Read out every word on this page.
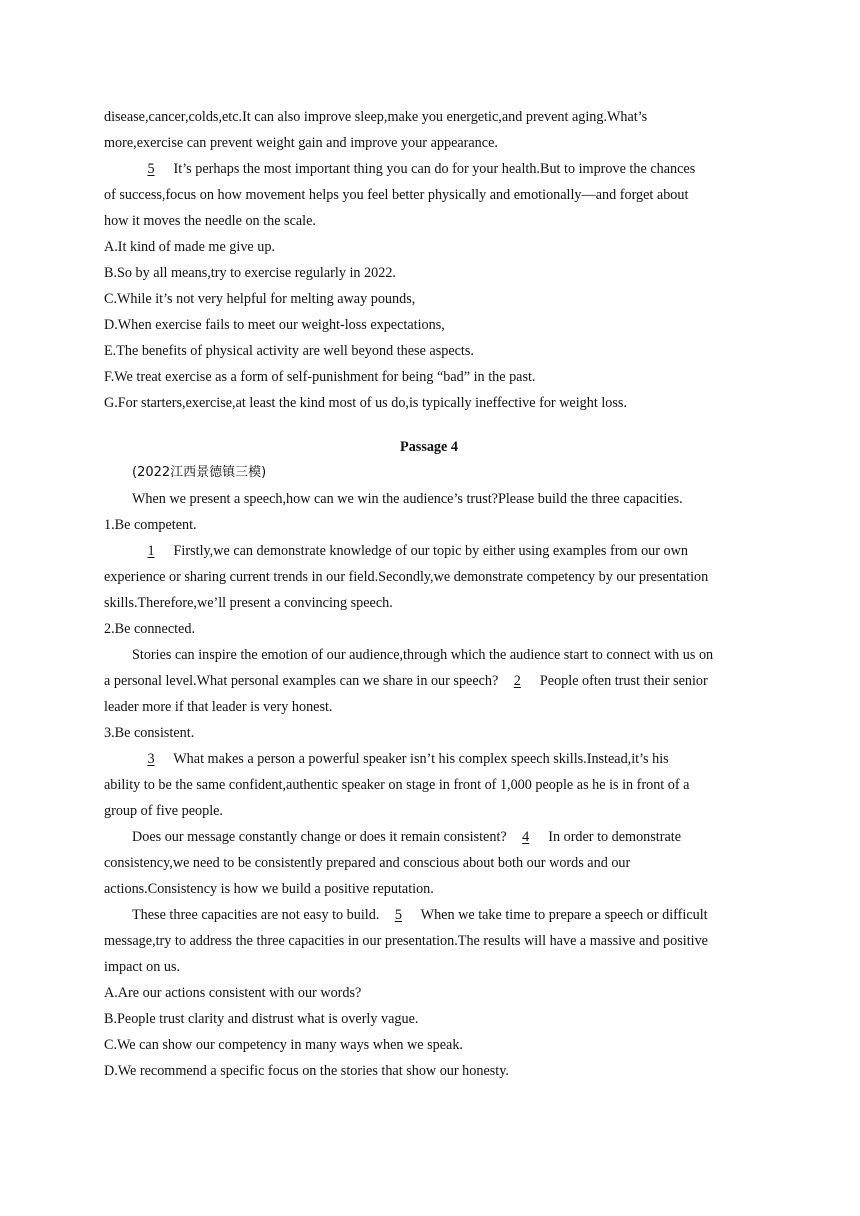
disease,cancer,colds,etc.It can also improve sleep,make you energetic,and prevent aging.What’s
more,exercise can prevent weight gain and improve your appearance.
5 It’s perhaps the most important thing you can do for your health.But to improve the chances
of success,focus on how movement helps you feel better physically and emotionally—and forget about
how it moves the needle on the scale.
A.It kind of made me give up.
B.So by all means,try to exercise regularly in 2022.
C.While it’s not very helpful for melting away pounds,
D.When exercise fails to meet our weight-loss expectations,
E.The benefits of physical activity are well beyond these aspects.
F.We treat exercise as a form of self-punishment for being “bad” in the past.
G.For starters,exercise,at least the kind most of us do,is typically ineffective for weight loss.
Passage 4
(2022江西景德镇三模)
When we present a speech,how can we win the audience’s trust?Please build the three capacities.
1.Be competent.
1 Firstly,we can demonstrate knowledge of our topic by either using examples from our own
experience or sharing current trends in our field.Secondly,we demonstrate competency by our presentation
skills.Therefore,we’ll present a convincing speech.
2.Be connected.
Stories can inspire the emotion of our audience,through which the audience start to connect with us on
a personal level.What personal examples can we share in our speech? 2 People often trust their senior
leader more if that leader is very honest.
3.Be consistent.
3 What makes a person a powerful speaker isn’t his complex speech skills.Instead,it’s his
ability to be the same confident,authentic speaker on stage in front of 1,000 people as he is in front of a
group of five people.
Does our message constantly change or does it remain consistent? 4 In order to demonstrate
consistency,we need to be consistently prepared and conscious about both our words and our
actions.Consistency is how we build a positive reputation.
These three capacities are not easy to build. 5 When we take time to prepare a speech or difficult
message,try to address the three capacities in our presentation.The results will have a massive and positive
impact on us.
A.Are our actions consistent with our words?
B.People trust clarity and distrust what is overly vague.
C.We can show our competency in many ways when we speak.
D.We recommend a specific focus on the stories that show our honesty.
